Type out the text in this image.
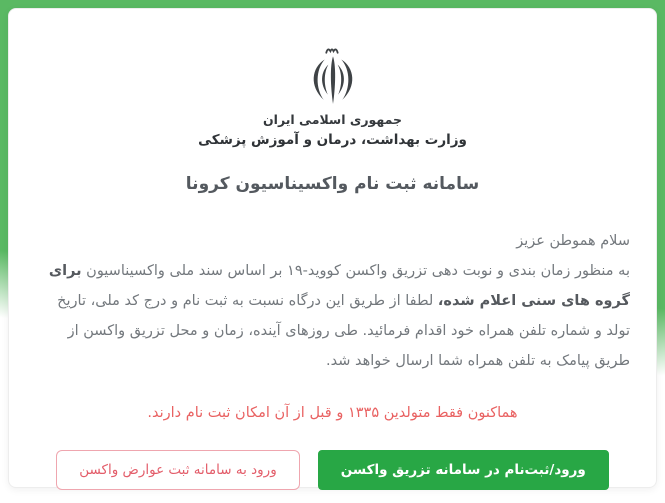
جمهوری اسلامی ایران
وزارت بهداشت، درمان و آموزش پزشکی
سامانه ثبت نام واکسیناسیون کرونا
سلام هموطن عزیز

به منظور زمان بندی و نوبت دهی تزریق واکسن کووید-۱۹ بر اساس سند ملی واکسیناسیون برای گروه های سنی اعلام شده، لطفا از طریق این درگاه نسبت به ثبت نام و درج کد ملی، تاریخ تولد و شماره تلفن همراه خود اقدام فرمائید. طی روزهای آینده، زمان و محل تزریق واکسن از طریق پیامک به تلفن همراه شما ارسال خواهد شد.

هماکنون فقط متولدین ۱۳۳۵ و قبل از آن امکان ثبت نام دارند.
ورود/ثبت‌نام در سامانه تزریق واکسن
ورود به سامانه ثبت عوارض واکسن
